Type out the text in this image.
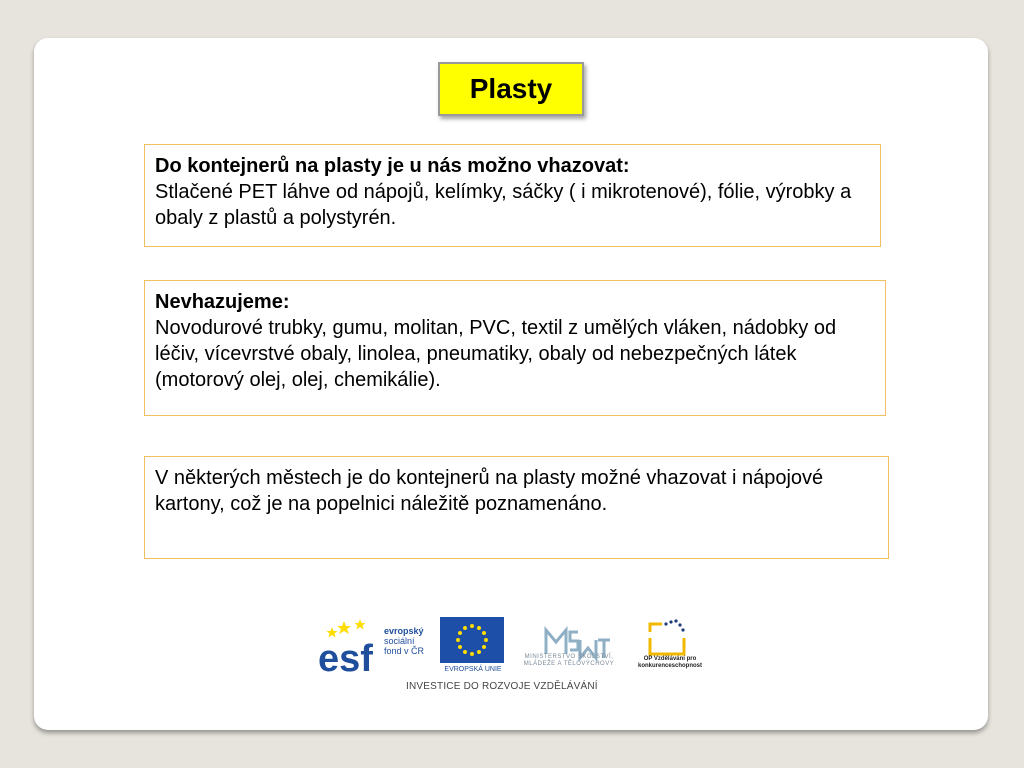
Plasty
Do kontejnerů na plasty je u nás možno vhazovat:
Stlačené PET láhve od nápojů, kelímky, sáčky ( i mikrotenové), fólie, výrobky a obaly z plastů a polystyrén.
Nevhazujeme:
Novodurové trubky, gumu, molitan, PVC, textil z umělých vláken, nádobky od léčiv, vícevrstvé obaly, linolea, pneumatiky, obaly od nebezpečných látek (motorový olej, olej, chemikálie).
V některých městech je do kontejnerů na plasty možné vhazovat i nápojové kartony, což je na popelnici náležitě poznamenáno.
esf
evropský
sociální
fond v ČR
EVROPSKÁ UNIE
MINISTERSTVO ŠKOLSTVÍ, MLÁDEŽE A TĚLOVÝCHOVY
OP Vzdělávání pro konkurenceschopnost
INVESTICE DO ROZVOJE VZDĚLÁVÁNÍ
